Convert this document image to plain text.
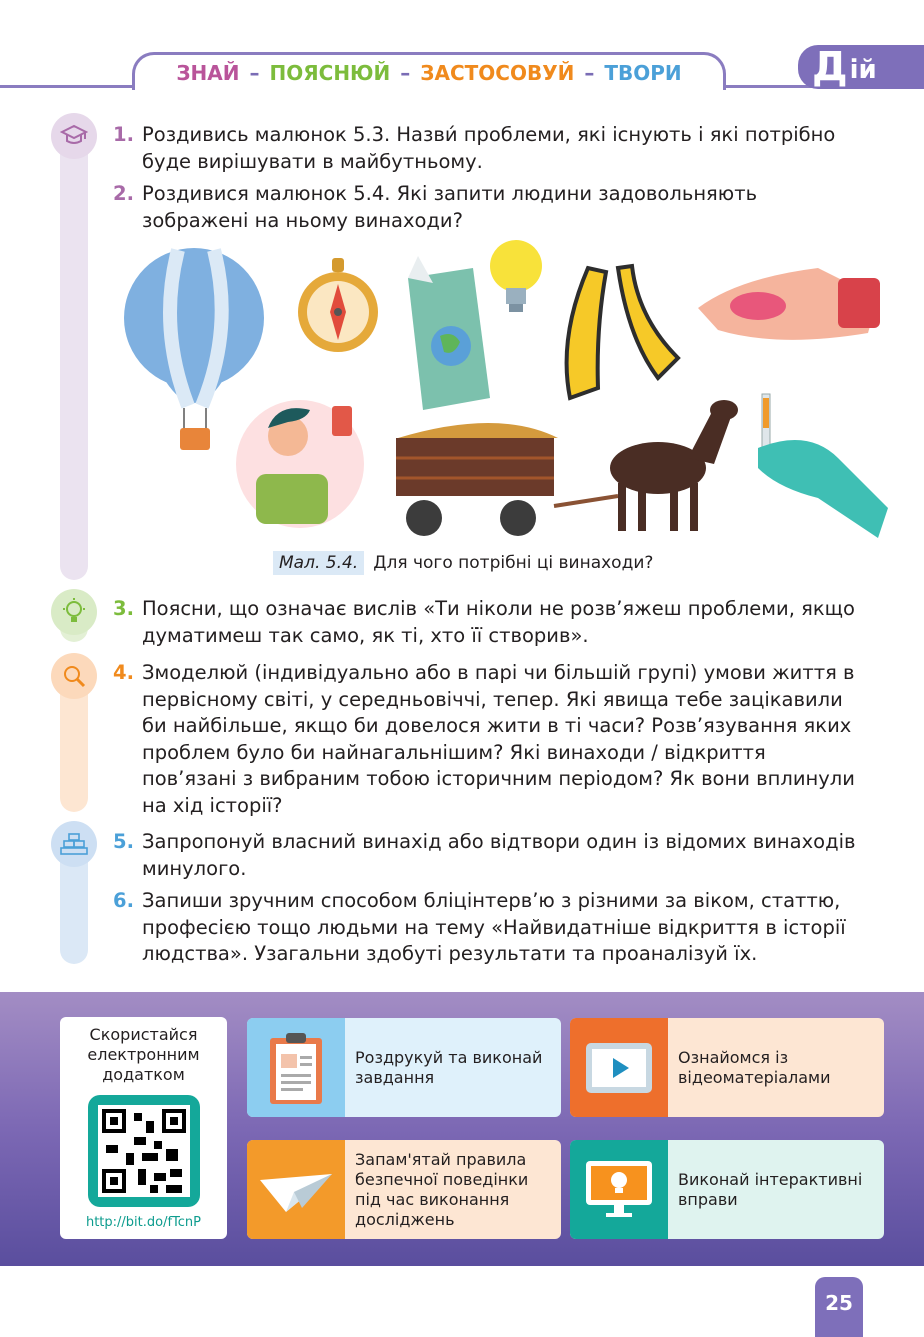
ЗНАЙ – ПОЯСНЮЙ – ЗАСТОСОВУЙ – ТВОРИ	Д ій
1. Роздивись малюнок 5.3. Назви́ проблеми, які існують і які потрібно буде вирішувати в майбутньому.
2. Роздивися малюнок 5.4. Які запити людини задовольняють зображені на ньому винаходи?
Мал. 5.4. Для чого потрібні ці винаходи?
3. Поясни, що означає вислів «Ти ніколи не розв’яжеш проблеми, якщо думатимеш так само, як ті, хто її створив».
4. Змоделюй (індивідуально або в парі чи більшій групі) умови життя в первісному світі, у середньовіччі, тепер. Які явища тебе зацікавили би найбільше, якщо би довелося жити в ті часи? Розв’язування яких проблем було би найнагальнішим? Які винаходи / відкриття пов’язані з вибраним тобою історичним періодом? Як вони вплинули на хід історії?
5. Запропонуй власний винахід або відтвори один із відомих винаходів минулого.
6. Запиши зручним способом бліцінтерв’ю з різними за віком, статтю, професією тощо людьми на тему «Найвидатніше відкриття в історії людства». Узагальни здобуті результати та проаналізуй їх.
Скористайся електронним додатком
http://bit.do/fTcnP
Роздрукуй та виконай завдання
Ознайомся із відеоматеріалами
Запам'ятай правила безпечної поведінки під час виконання досліджень
Виконай інтерактивні вправи
25
